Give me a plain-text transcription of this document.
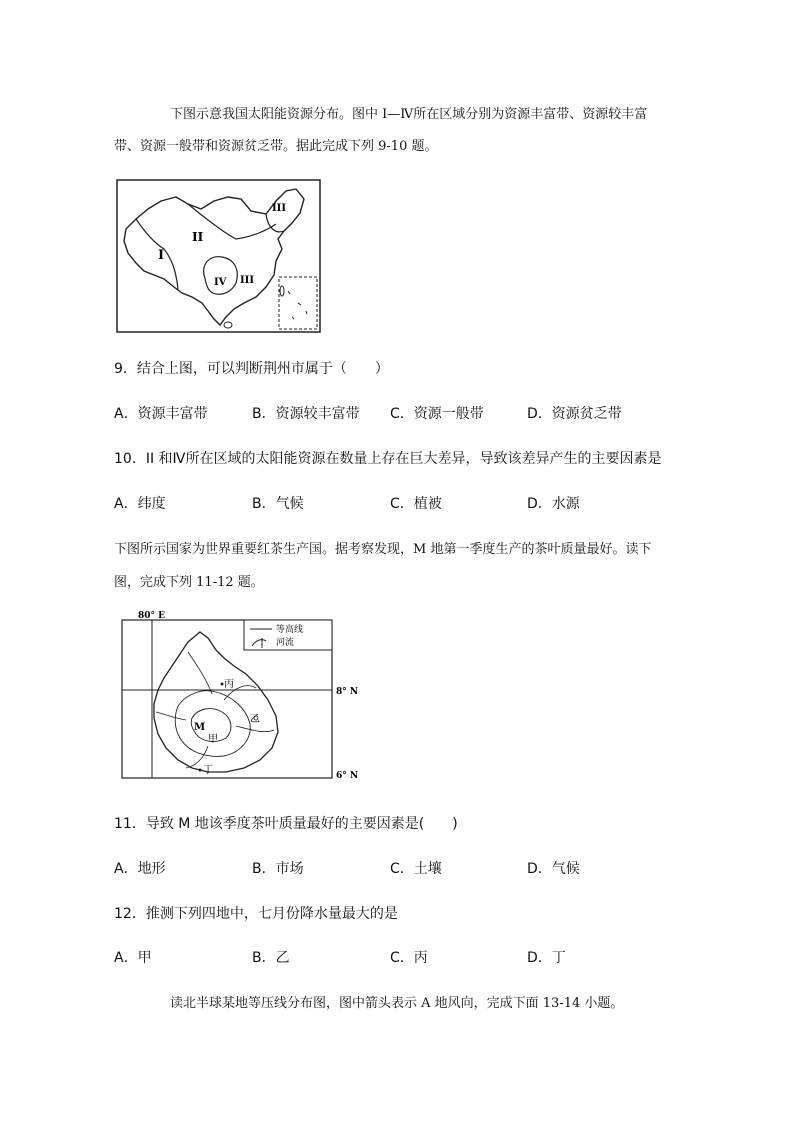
下图示意我国太阳能资源分布。图中 I—Ⅳ所在区域分别为资源丰富带、资源较丰富
带、资源一般带和资源贫乏带。据此完成下列 9-10 题。
I
II
III
IV III
9．结合上图，可以判断荆州市属于（　　）
A．资源丰富带	B．资源较丰富带 C．资源一般带	D．资源贫乏带
10．II 和Ⅳ所在区域的太阳能资源在数量上存在巨大差异，导致该差异产生的主要因素是
A．纬度	B．气候	C．植被	D．水源
下图所示国家为世界重要红茶生产国。据考察发现，M 地第一季度生产的茶叶质量最好。读下
图，完成下列 11-12 题。
80° E
8° N
6° N
等高线
河流
丙
M
甲
乙
丁
11．导致 M 地该季度茶叶质量最好的主要因素是(　　)
A．地形	B．市场	C．土壤	D．气候
12．推测下列四地中，七月份降水量最大的是
A．甲	B．乙	C．丙	D．丁
读北半球某地等压线分布图，图中箭头表示 A 地风向，完成下面 13-14 小题。
